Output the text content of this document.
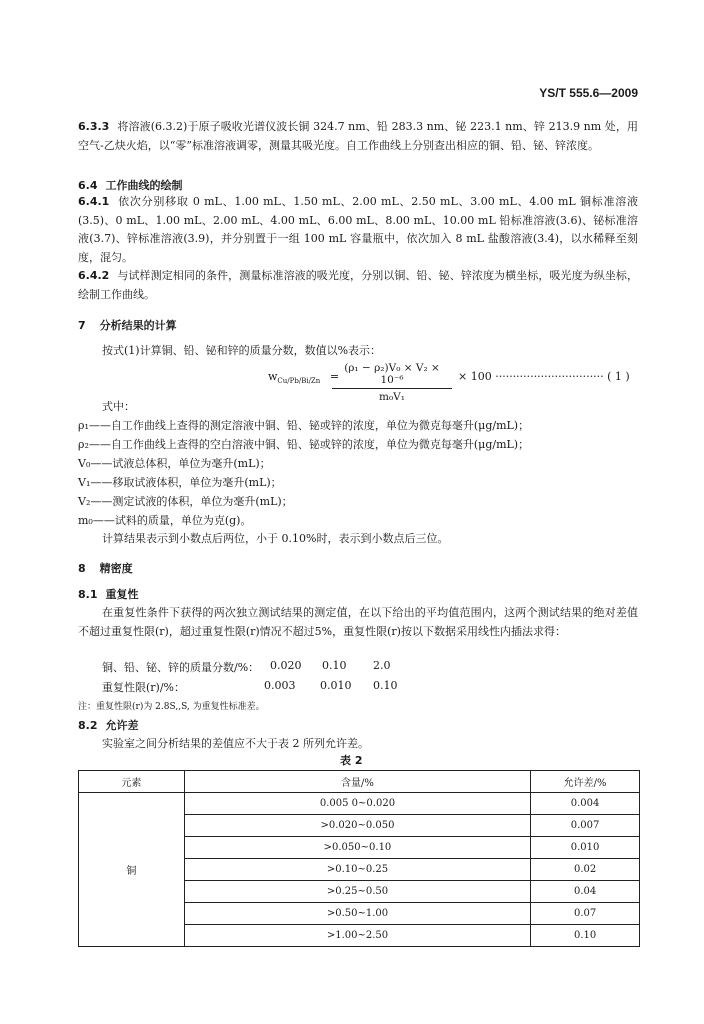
YS/T 555.6—2009
6.3.3 将溶液(6.3.2)于原子吸收光谱仪波长铜 324.7 nm、铅 283.3 nm、铋 223.1 nm、锌 213.9 nm 处，用空气-乙炔火焰，以“零”标准溶液调零，测量其吸光度。自工作曲线上分别查出相应的铜、铅、铋、锌浓度。
6.4 工作曲线的绘制
6.4.1 依次分别移取 0 mL、1.00 mL、1.50 mL、2.00 mL、2.50 mL、3.00 mL、4.00 mL 铜标准溶液(3.5)、0 mL、1.00 mL、2.00 mL、4.00 mL、6.00 mL、8.00 mL、10.00 mL 铅标准溶液(3.6)、铋标准溶液(3.7)、锌标准溶液(3.9)，并分别置于一组 100 mL 容量瓶中，依次加入 8 mL 盐酸溶液(3.4)，以水稀释至刻度，混匀。
6.4.2 与试样测定相同的条件，测量标准溶液的吸光度，分别以铜、铅、铋、锌浓度为横坐标，吸光度为纵坐标，绘制工作曲线。
7 分析结果的计算
按式(1)计算铜、铅、铋和锌的质量分数，数值以%表示：
$w_{Cu/Pb/Bi/Zn}$ =
(ρ₁ − ρ₂)V₀ × V₂ × 10⁻⁶
m₀V₁
× 100 ······························· ( 1 )
式中：
ρ₁——自工作曲线上查得的测定溶液中铜、铅、铋或锌的浓度，单位为微克每毫升(μg/mL)；
ρ₂——自工作曲线上查得的空白溶液中铜、铅、铋或锌的浓度，单位为微克每毫升(μg/mL)；
V₀——试液总体积，单位为毫升(mL)；
V₁——移取试液体积，单位为毫升(mL)；
V₂——测定试液的体积，单位为毫升(mL)；
m₀——试料的质量，单位为克(g)。
计算结果表示到小数点后两位，小于 0.10%时，表示到小数点后三位。
8 精密度
8.1 重复性
在重复性条件下获得的两次独立测试结果的测定值，在以下给出的平均值范围内，这两个测试结果的绝对差值不超过重复性限(r)，超过重复性限(r)情况不超过5%，重复性限(r)按以下数据采用线性内插法求得：
铜、铅、铋、锌的质量分数/%： 0.020 0.10 2.0
重复性限(r)/%：	0.003 0.010 0.10
注：重复性限(r)为 2.8S,,S, 为重复性标准差。
8.2 允许差
实验室之间分析结果的差值应不大于表 2 所列允许差。
表 2
元素	含量/%	允许差/%
铜	0.005 0~0.020	0.004
	>0.020~0.050	0.007
	>0.050~0.10	0.010
	>0.10~0.25	0.02
	>0.25~0.50	0.04
	>0.50~1.00	0.07
	>1.00~2.50	0.10
